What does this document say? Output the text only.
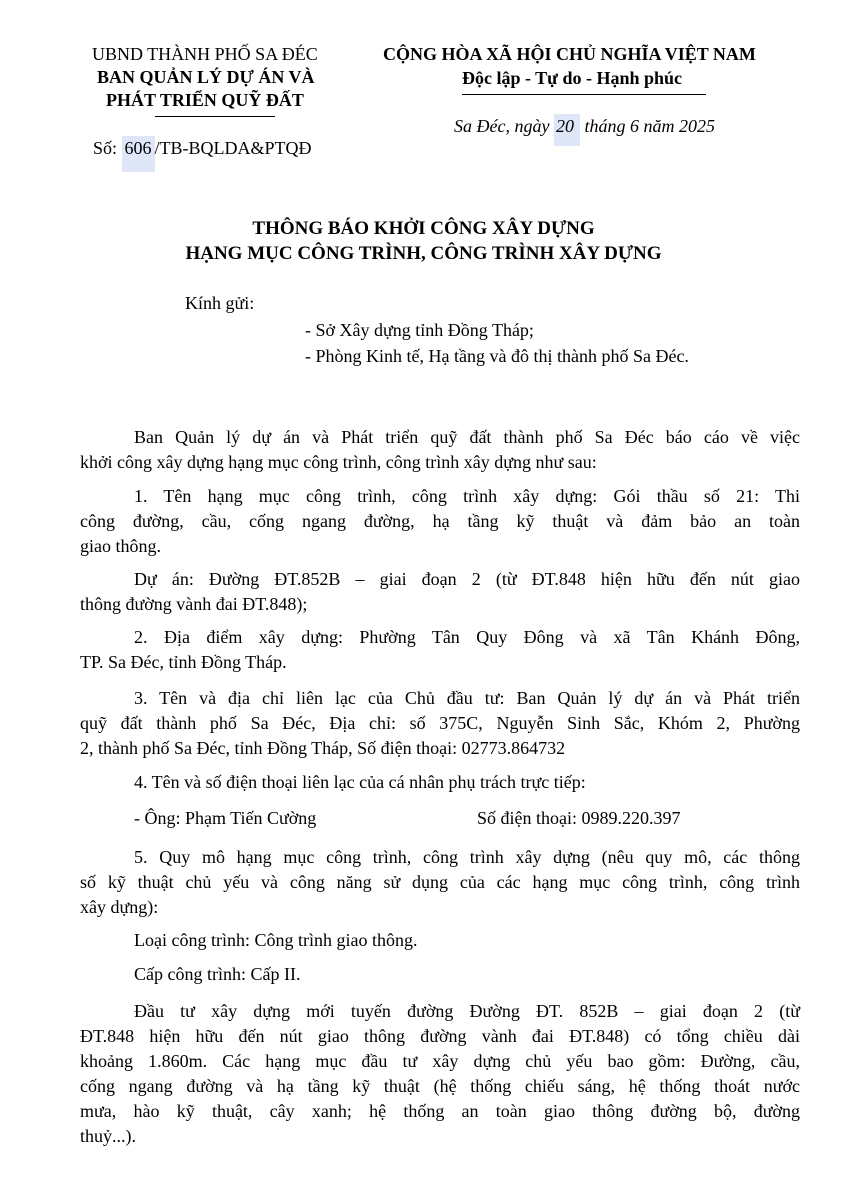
UBND THÀNH PHỐ SA ĐÉC
BAN QUẢN LÝ DỰ ÁN VÀ
PHÁT TRIỂN QUỸ ĐẤT
Số: 606 /TB-BQLDA&PTQĐ
CỘNG HÒA XÃ HỘI CHỦ NGHĨA VIỆT NAM
Độc lập - Tự do - Hạnh phúc
Sa Đéc, ngày 20 tháng 6 năm 2025
THÔNG BÁO KHỞI CÔNG XÂY DỰNG
HẠNG MỤC CÔNG TRÌNH, CÔNG TRÌNH XÂY DỰNG
Kính gửi:
- Sở Xây dựng tỉnh Đồng Tháp;
- Phòng Kinh tế, Hạ tầng và đô thị thành phố Sa Đéc.
Ban Quản lý dự án và Phát triển quỹ đất thành phố Sa Đéc báo cáo về việc
khởi công xây dựng hạng mục công trình, công trình xây dựng như sau:
1. Tên hạng mục công trình, công trình xây dựng: Gói thầu số 21: Thi
công đường, cầu, cống ngang đường, hạ tầng kỹ thuật và đảm bảo an toàn
giao thông.
Dự án: Đường ĐT.852B – giai đoạn 2 (từ ĐT.848 hiện hữu đến nút giao
thông đường vành đai ĐT.848);
2. Địa điểm xây dựng: Phường Tân Quy Đông và xã Tân Khánh Đông,
TP. Sa Đéc, tỉnh Đồng Tháp.
3. Tên và địa chỉ liên lạc của Chủ đầu tư: Ban Quản lý dự án và Phát triển
quỹ đất thành phố Sa Đéc, Địa chỉ: số 375C, Nguyễn Sinh Sắc, Khóm 2, Phường
2, thành phố Sa Đéc, tỉnh Đồng Tháp, Số điện thoại: 02773.864732
4. Tên và số điện thoại liên lạc của cá nhân phụ trách trực tiếp:
- Ông: Phạm Tiến Cường	Số điện thoại: 0989.220.397
5. Quy mô hạng mục công trình, công trình xây dựng (nêu quy mô, các thông
số kỹ thuật chủ yếu và công năng sử dụng của các hạng mục công trình, công trình
xây dựng):
Loại công trình: Công trình giao thông.
Cấp công trình: Cấp II.
Đầu tư xây dựng mới tuyến đường Đường ĐT. 852B – giai đoạn 2 (từ
ĐT.848 hiện hữu đến nút giao thông đường vành đai ĐT.848) có tổng chiều dài
khoảng 1.860m. Các hạng mục đầu tư xây dựng chủ yếu bao gồm: Đường, cầu,
cống ngang đường và hạ tầng kỹ thuật (hệ thống chiếu sáng, hệ thống thoát nước
mưa, hào kỹ thuật, cây xanh; hệ thống an toàn giao thông đường bộ, đường
thuỷ...).
